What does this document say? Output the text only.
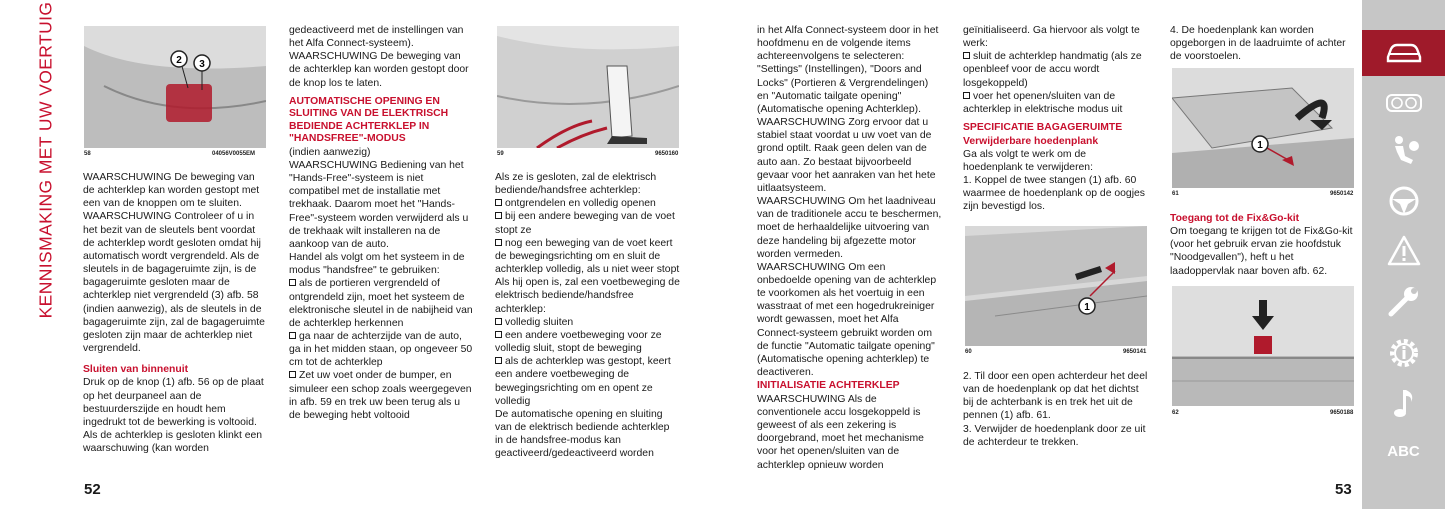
KENNISMAKING MET UW VOERTUIG	2 3
58	04056V0055EM

WAARSCHUWING De beweging van de achterklep kan worden gestopt met een van de knoppen om te sluiten.

WAARSCHUWING Controleer of u in het bezit van de sleutels bent voordat de achterklep wordt gesloten omdat hij automatisch wordt vergrendeld. Als de sleutels in de bagageruimte zijn, is de bagageruimte gesloten maar de achterklep niet vergrendeld (3) afb. 58 (indien aanwezig), als de sleutels in de bagageruimte zijn, zal de bagageruimte gesloten zijn maar de achterklep niet vergrendeld.

Sluiten van binnenuit

Druk op de knop (1) afb. 56 op de plaat op het deurpaneel aan de bestuurderszijde en houdt hem ingedrukt tot de bewerking is voltooid.

Als de achterklep is gesloten klinkt een waarschuwing (kan worden

gedeactiveerd met de instellingen van het Alfa Connect-systeem).

WAARSCHUWING De beweging van de achterklep kan worden gestopt door de knop los te laten.

AUTOMATISCHE OPENING EN SLUITING VAN DE ELEKTRISCH BEDIENDE ACHTERKLEP IN "HANDSFREE"-MODUS

(indien aanwezig)

WAARSCHUWING Bediening van het "Hands-Free"-systeem is niet compatibel met de installatie met trekhaak. Daarom moet het "Hands-Free"-systeem worden verwijderd als u de trekhaak wilt installeren na de aankoop van de auto.

Handel als volgt om het systeem in de modus "handsfree" te gebruiken:

als de portieren vergrendeld of ontgrendeld zijn, moet het systeem de elektronische sleutel in de nabijheid van de achterklep herkennen

ga naar de achterzijde van de auto, ga in het midden staan, op ongeveer 50 cm tot de achterklep

Zet uw voet onder de bumper, en simuleer een schop zoals weergegeven in afb. 59 en trek uw been terug als u de beweging hebt voltooid

59	9650160

Als ze is gesloten, zal de elektrisch bediende/handsfree achterklep:

ontgrendelen en volledig openen

bij een andere beweging van de voet stopt ze

nog een beweging van de voet keert de bewegingsrichting om en sluit de achterklep volledig, als u niet weer stopt

Als hij open is, zal een voetbeweging de elektrisch bediende/handsfree achterklep:

volledig sluiten

een andere voetbeweging voor ze volledig sluit, stopt de beweging

als de achterklep was gestopt, keert een andere voetbeweging de bewegingsrichting om en opent ze volledig

De automatische opening en sluiting van de elektrisch bediende achterklep in de handsfree-modus kan geactiveerd/gedeactiveerd worden

in het Alfa Connect-systeem door in het hoofdmenu en de volgende items achtereenvolgens te selecteren: "Settings" (Instellingen), "Doors and Locks" (Portieren & Vergrendelingen) en "Automatic tailgate opening" (Automatische opening Achterklep).

WAARSCHUWING Zorg ervoor dat u stabiel staat voordat u uw voet van de grond optilt. Raak geen delen van de auto aan. Zo bestaat bijvoorbeeld gevaar voor het aanraken van het hete uitlaatsysteem.

WAARSCHUWING Om het laadniveau van de traditionele accu te beschermen, moet de herhaaldelijke uitvoering van deze handeling bij afgezette motor worden vermeden.

WAARSCHUWING Om een onbedoelde opening van de achterklep te voorkomen als het voertuig in een wasstraat of met een hogedrukreiniger wordt gewassen, moet het Alfa Connect-systeem gebruikt worden om de functie "Automatic tailgate opening" (Automatische opening achterklep) te deactiveren.

INITIALISATIE ACHTERKLEP

WAARSCHUWING Als de conventionele accu losgekoppeld is geweest of als een zekering is doorgebrand, moet het mechanisme voor het openen/sluiten van de achterklep opnieuw worden

geïnitialiseerd. Ga hiervoor als volgt te werk:

sluit de achterklep handmatig (als ze openbleef voor de accu wordt losgekoppeld)

voer het openen/sluiten van de achterklep in elektrische modus uit

SPECIFICATIE BAGAGERUIMTE

Verwijderbare hoedenplank

Ga als volgt te werk om de hoedenplank te verwijderen:

1. Koppel de twee stangen (1) afb. 60 waarmee de hoedenplank op de oogjes zijn bevestigd los.

1
60	9650141

2. Til door een open achterdeur het deel van de hoedenplank op dat het dichtst bij de achterbank is en trek het uit de pennen (1) afb. 61.

3. Verwijder de hoedenplank door ze uit de achterdeur te trekken.

4. De hoedenplank kan worden opgeborgen in de laadruimte of achter de voorstoelen.

1
61	9650142

Toegang tot de Fix&Go-kit

Om toegang te krijgen tot de Fix&Go-kit (voor het gebruik ervan zie hoofdstuk "Noodgevallen"), heft u het laadoppervlak naar boven afb. 62.

62	9650188
52	53
ABC
